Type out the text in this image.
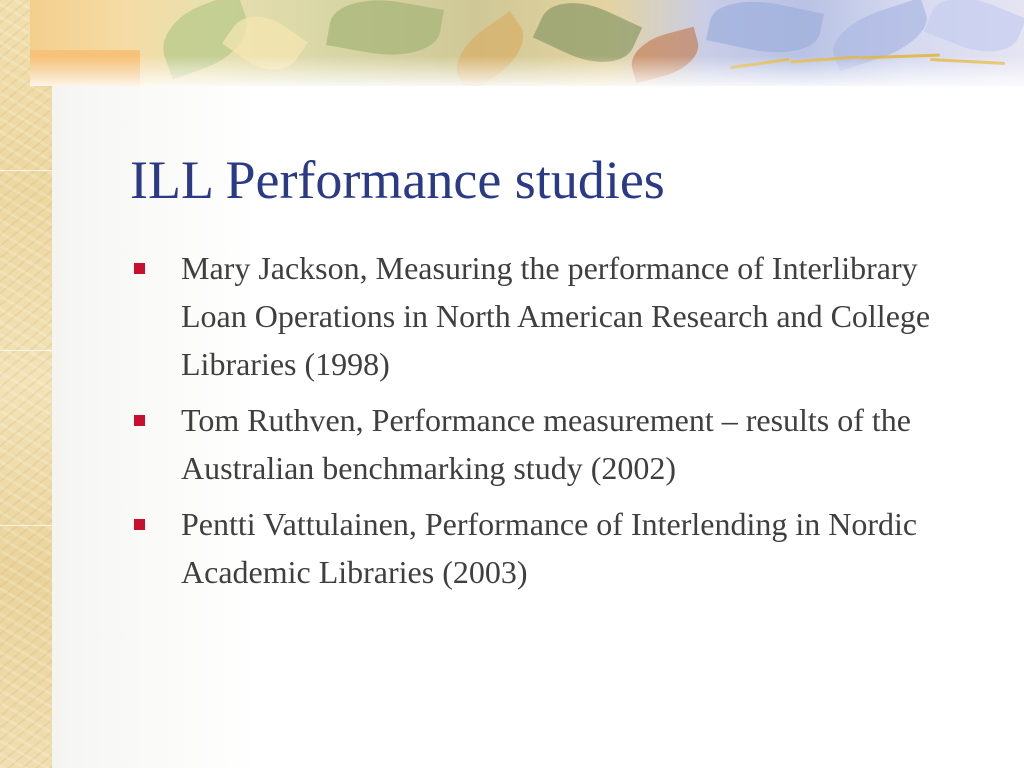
ILL Performance studies
Mary Jackson, Measuring the performance of Interlibrary Loan Operations in North American Research and College Libraries (1998)
Tom Ruthven, Performance measurement – results of the Australian benchmarking study (2002)
Pentti Vattulainen, Performance of Interlending in Nordic Academic Libraries (2003)
